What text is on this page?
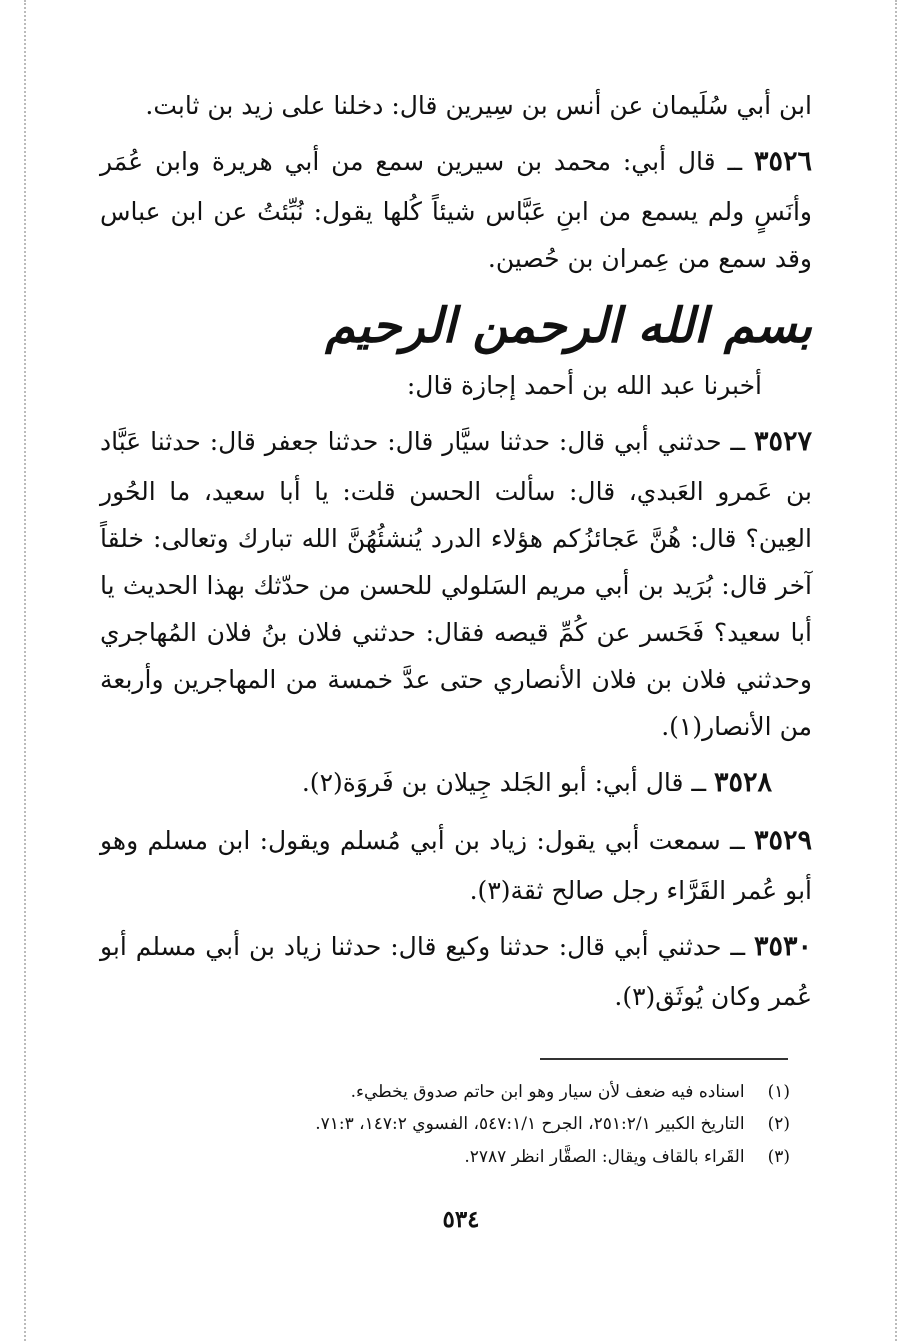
ابن أبي سُلَيمان عن أنس بن سِيرين قال: دخلنا على زيد بن ثابت.

٣٥٢٦ ــ قال أبي: محمد بن سيرين سمع من أبي هريرة وابن عُمَر وأنَسٍ ولم يسمع من ابنِ عَبَّاس شيئاً كُلها يقول: نُبِّئتُ عن ابن عباس وقد سمع من عِمران بن حُصين.

بسم الله الرحمن الرحيم

أخبرنا عبد الله بن أحمد إجازة قال:

٣٥٢٧ ــ حدثني أبي قال: حدثنا سيَّار قال: حدثنا جعفر قال: حدثنا عَبَّاد بن عَمرو العَبدي، قال: سألت الحسن قلت: يا أبا سعيد، ما الحُور العِين؟ قال: هُنَّ عَجائزُكم هؤلاء الدرد يُنشئُهُنَّ الله تبارك وتعالى: خلقاً آخر قال: بُرَيد بن أبي مريم السَلولي للحسن من حدّثك بهذا الحديث يا أبا سعيد؟ فَحَسر عن كُمِّ قيصه فقال: حدثني فلان بنُ فلان المُهاجري وحدثني فلان بن فلان الأنصاري حتى عدَّ خمسة من المهاجرين وأربعة من الأنصار(١).

٣٥٢٨ ــ قال أبي: أبو الجَلد جِيلان بن فَروَة(٢).

٣٥٢٩ ــ سمعت أبي يقول: زياد بن أبي مُسلم ويقول: ابن مسلم وهو أبو عُمر القَرَّاء رجل صالح ثقة(٣).

٣٥٣٠ ــ حدثني أبي قال: حدثنا وكيع قال: حدثنا زياد بن أبي مسلم أبو عُمر وكان يُوثَق(٣).

(١) اسناده فيه ضعف لأن سيار وهو ابن حاتم صدوق يخطيء.
(٢) التاريخ الكبير ٢٥١:٢/١، الجرح ٥٤٧:١/١، الفسوي ١٤٧:٢، ٧١:٣.
(٣) القَراء بالقاف ويقال: الصقَّار انظر ٢٧٨٧.
٥٣٤
